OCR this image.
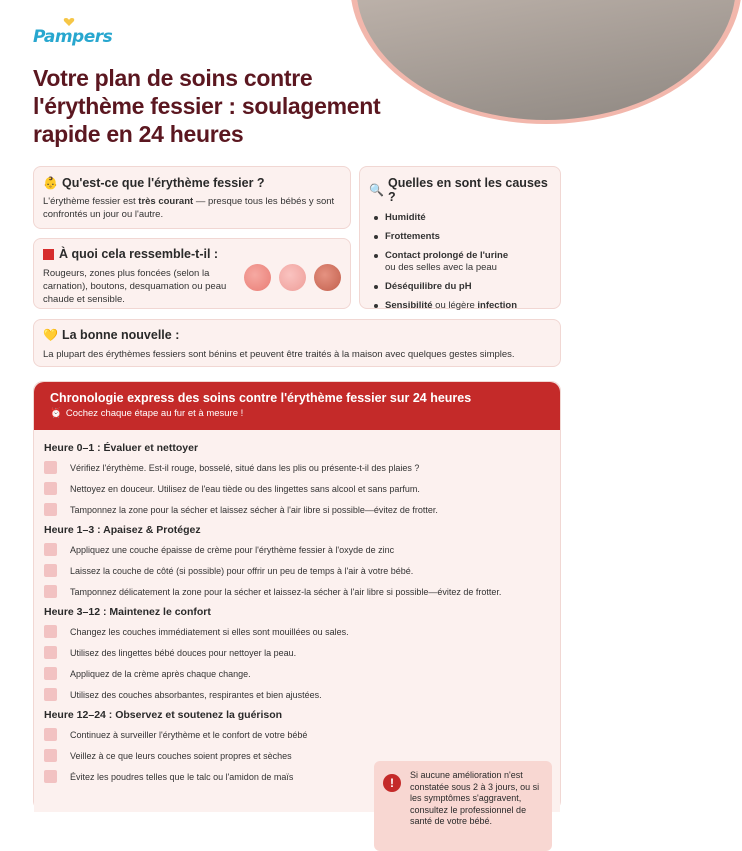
Pampers
Votre plan de soins contre l'érythème fessier : soulagement rapide en 24 heures
👶 Qu'est-ce que l'érythème fessier ?

L'érythème fessier est très courant — presque tous les bébés y sont confrontés un jour ou l'autre.

À quoi cela ressemble-t-il :

Rougeurs, zones plus foncées (selon la carnation), boutons, desquamation ou peau chaude et sensible.

🔍 Quelles en sont les causes ?
Humidité
Frottements
Contact prolongé de l'urine
ou des selles avec la peau
Déséquilibre du pH
Sensibilité ou légère infection
💛 La bonne nouvelle :

La plupart des érythèmes fessiers sont bénins et peuvent être traités à la maison avec quelques gestes simples.

Chronologie express des soins contre l'érythème fessier sur 24 heures
⏰ Cochez chaque étape au fur et à mesure !
Heure 0–1 : Évaluer et nettoyer
Vérifiez l'érythème. Est-il rouge, bosselé, situé dans les plis ou présente-t-il des plaies ?
Nettoyez en douceur. Utilisez de l'eau tiède ou des lingettes sans alcool et sans parfum.
Tamponnez la zone pour la sécher et laissez sécher à l'air libre si possible—évitez de frotter.
Heure 1–3 : Apaisez & Protégez
Appliquez une couche épaisse de crème pour l'érythème fessier à l'oxyde de zinc
Laissez la couche de côté (si possible) pour offrir un peu de temps à l'air à votre bébé.
Tamponnez délicatement la zone pour la sécher et laissez-la sécher à l'air libre si possible—évitez de frotter.
Heure 3–12 : Maintenez le confort
Changez les couches immédiatement si elles sont mouillées ou sales.
Utilisez des lingettes bébé douces pour nettoyer la peau.
Appliquez de la crème après chaque change.
Utilisez des couches absorbantes, respirantes et bien ajustées.
Heure 12–24 : Observez et soutenez la guérison
Continuez à surveiller l'érythème et le confort de votre bébé
Veillez à ce que leurs couches soient propres et sèches
Évitez les poudres telles que le talc ou l'amidon de maïs	!
Si aucune amélioration n'est constatée sous 2 à 3 jours, ou si les symptômes s'aggravent, consultez le professionnel de santé de votre bébé.
